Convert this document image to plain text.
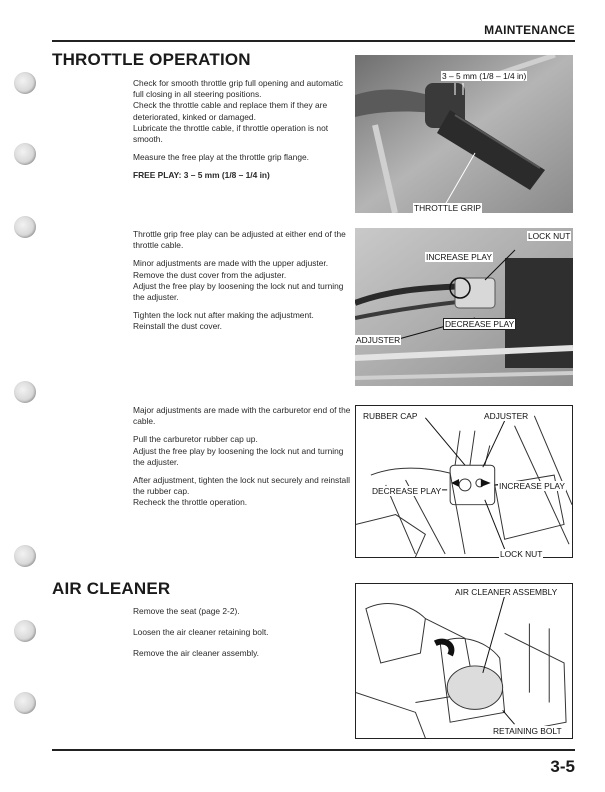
MAINTENANCE
THROTTLE OPERATION

Check for smooth throttle grip full opening and automatic full closing in all steering positions.
Check the throttle cable and replace them if they are deteriorated, kinked or damaged.
Lubricate the throttle cable, if throttle operation is not smooth.

Measure the free play at the throttle grip flange.

FREE PLAY: 3 – 5 mm (1/8 – 1/4 in)

Throttle grip free play can be adjusted at either end of the throttle cable.

Minor adjustments are made with the upper adjuster.
Remove the dust cover from the adjuster.
Adjust the free play by loosening the lock nut and turning the adjuster.

Tighten the lock nut after making the adjustment.
Reinstall the dust cover.

Major adjustments are made with the carburetor end of the cable.

Pull the carburetor rubber cap up.
Adjust the free play by loosening the lock nut and turning the adjuster.

After adjustment, tighten the lock nut securely and reinstall the rubber cap.
Recheck the throttle operation.

AIR CLEANER

Remove the seat (page 2-2).

Loosen the air cleaner retaining bolt.

Remove the air cleaner assembly.

3 – 5 mm (1/8 – 1/4 in)
THROTTLE GRIP
LOCK NUT
INCREASE PLAY
DECREASE PLAY
ADJUSTER
RUBBER CAP	ADJUSTER
INCREASE PLAY
DECREASE PLAY
LOCK NUT
AIR CLEANER ASSEMBLY
RETAINING BOLT
3-5
